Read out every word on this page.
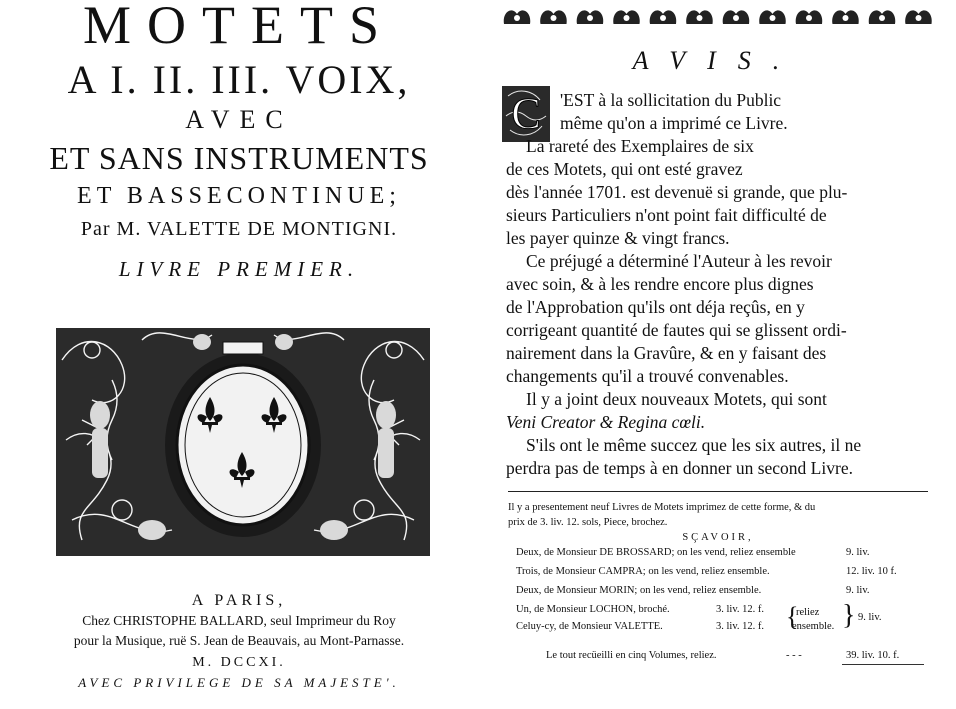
MOTETS
A I. II. III. VOIX,
AVEC
ET SANS INSTRUMENTS
ET BASSECONTINUE;
Par M. VALETTE DE MONTIGNI.
LIVRE PREMIER.
A PARIS,
Chez CHRISTOPHE BALLARD, seul Imprimeur du Roy
pour la Musique, ruë S. Jean de Beauvais, au Mont-Parnasse.
M. DCCXI.
AVEC PRIVILEGE DE SA MAJESTE'.
AVIS.
C 'EST à la sollicitation du Public
même qu'on a imprimé ce Livre.
La rareté des Exemplaires de six
de ces Motets, qui ont esté gravez
dès l'année 1701. est devenuë si grande, que plu-
sieurs Particuliers n'ont point fait difficulté de
les payer quinze & vingt francs.
Ce préjugé a déterminé l'Auteur à les revoir
avec soin, & à les rendre encore plus dignes
de l'Approbation qu'ils ont déja reçûs, en y
corrigeant quantité de fautes qui se glissent ordi-
nairement dans la Gravûre, & en y faisant des
changements qu'il a trouvé convenables.
Il y a joint deux nouveaux Motets, qui sont
Veni Creator & Regina cœli.
S'ils ont le même succez que les six autres, il ne
perdra pas de temps à en donner un second Livre.
Il y a presentement neuf Livres de Motets imprimez de cette forme, & du
prix de 3. liv. 12. sols, Piece, brochez.
SÇAVOIR,
Deux, de Monsieur DE BROSSARD; on les vend, reliez ensemble	9. liv.
Trois, de Monsieur CAMPRA; on les vend, reliez ensemble.	12. liv. 10 f.
Deux, de Monsieur MORIN; on les vend, reliez ensemble.	9. liv.
Un, de Monsieur LOCHON, broché.	3. liv. 12. f.
Celuy-cy, de Monsieur VALETTE.	3. liv. 12. f. {
reliez
ensemble. } 9. liv.
Le tout recüeilli en cinq Volumes, reliez.	- - -	39. liv. 10. f.
